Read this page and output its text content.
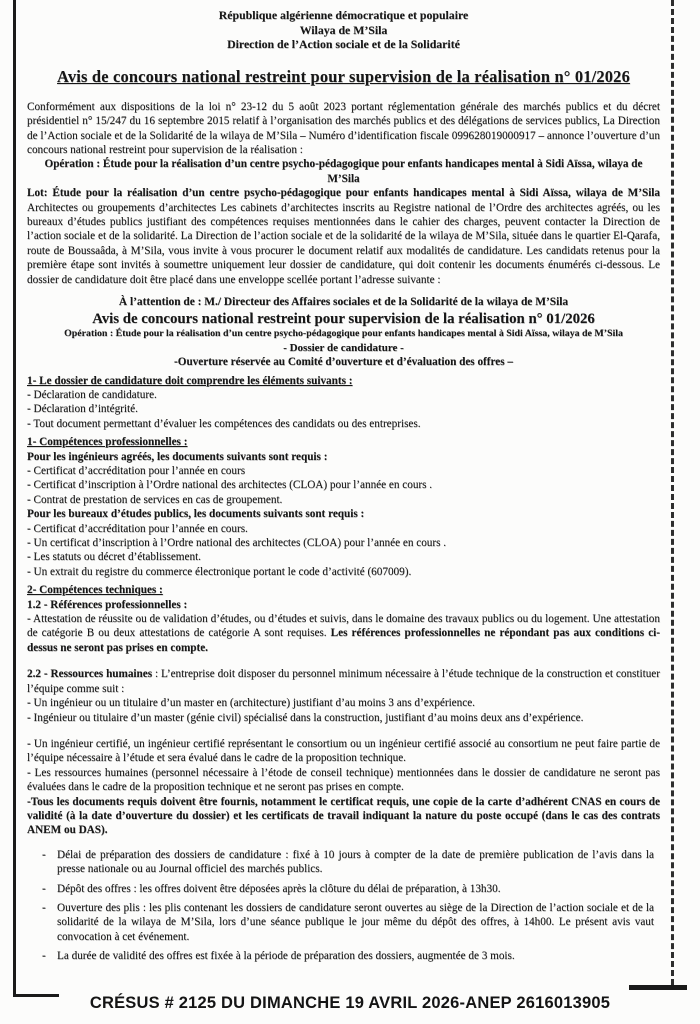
République algérienne démocratique et populaire
Wilaya de M’Sila
Direction de l’Action sociale et de la Solidarité
Avis de concours national restreint pour supervision de la réalisation n° 01/2026
Conformément aux dispositions de la loi n° 23-12 du 5 août 2023 portant réglementation générale des marchés publics et du décret présidentiel n° 15/247 du 16 septembre 2015 relatif à l’organisation des marchés publics et des délégations de services publics, La Direction de l’Action sociale et de la Solidarité de la wilaya de M’Sila – Numéro d’identification fiscale 099628019000917 – annonce l’ouverture d’un concours national restreint pour supervision de la réalisation :
Opération : Étude pour la réalisation d’un centre psycho-pédagogique pour enfants handicapes mental à Sidi Aïssa, wilaya de M’Sila
Lot: Étude pour la réalisation d’un centre psycho-pédagogique pour enfants handicapes mental à Sidi Aïssa, wilaya de M’Sila Architectes ou groupements d’architectes Les cabinets d’architectes inscrits au Registre national de l’Ordre des architectes agréés, ou les bureaux d’études publics justifiant des compétences requises mentionnées dans le cahier des charges, peuvent contacter la Direction de l’action sociale et de la solidarité. La Direction de l’action sociale et de la solidarité de la wilaya de M’Sila, située dans le quartier El-Qarafa, route de Boussaâda, à M’Sila, vous invite à vous procurer le document relatif aux modalités de candidature. Les candidats retenus pour la première étape sont invités à soumettre uniquement leur dossier de candidature, qui doit contenir les documents énumérés ci-dessous. Le dossier de candidature doit être placé dans une enveloppe scellée portant l’adresse suivante :
À l’attention de : M./ Directeur des Affaires sociales et de la Solidarité de la wilaya de M’Sila
Avis de concours national restreint pour supervision de la réalisation n° 01/2026
Opération : Étude pour la réalisation d’un centre psycho-pédagogique pour enfants handicapes mental à Sidi Aïssa, wilaya de M’Sila
- Dossier de candidature -
-Ouverture réservée au Comité d’ouverture et d’évaluation des offres –
1- Le dossier de candidature doit comprendre les éléments suivants :
- Déclaration de candidature.
- Déclaration d’intégrité.
- Tout document permettant d’évaluer les compétences des candidats ou des entreprises.
1- Compétences professionnelles :
Pour les ingénieurs agréés, les documents suivants sont requis :
- Certificat d’accréditation pour l’année en cours
- Certificat d’inscription à l’Ordre national des architectes (CLOA) pour l’année en cours .
- Contrat de prestation de services en cas de groupement.
Pour les bureaux d’études publics, les documents suivants sont requis :
- Certificat d’accréditation pour l’année en cours.
- Un certificat d’inscription à l’Ordre national des architectes (CLOA) pour l’année en cours .
- Les statuts ou décret d’établissement.
- Un extrait du registre du commerce électronique portant le code d’activité (607009).
2- Compétences techniques :
1.2 - Références professionnelles :
- Attestation de réussite ou de validation d’études, ou d’études et suivis, dans le domaine des travaux publics ou du logement. Une attestation de catégorie B ou deux attestations de catégorie A sont requises. Les références professionnelles ne répondant pas aux conditions ci-dessus ne seront pas prises en compte.
2.2 - Ressources humaines : L’entreprise doit disposer du personnel minimum nécessaire à l’étude technique de la construction et constituer l’équipe comme suit :
- Un ingénieur ou un titulaire d’un master en (architecture) justifiant d’au moins 3 ans d’expérience.
- Ingénieur ou titulaire d’un master (génie civil) spécialisé dans la construction, justifiant d’au moins deux ans d’expérience.
- Un ingénieur certifié, un ingénieur certifié représentant le consortium ou un ingénieur certifié associé au consortium ne peut faire partie de l’équipe nécessaire à l’étude et sera évalué dans le cadre de la proposition technique.
- Les ressources humaines (personnel nécessaire à l’étode de conseil technique) mentionnées dans le dossier de candidature ne seront pas évaluées dans le cadre de la proposition technique et ne seront pas prises en compte.
-Tous les documents requis doivent être fournis, notamment le certificat requis, une copie de la carte d’adhérent CNAS en cours de validité (à la date d’ouverture du dossier) et les certificats de travail indiquant la nature du poste occupé (dans le cas des contrats ANEM ou DAS).
-	Délai de préparation des dossiers de candidature : fixé à 10 jours à compter de la date de première publication de l’avis dans la presse nationale ou au Journal officiel des marchés publics.
-	Dépôt des offres : les offres doivent être déposées après la clôture du délai de préparation, à 13h30.
-	Ouverture des plis : les plis contenant les dossiers de candidature seront ouvertes au siège de la Direction de l’action sociale et de la solidarité de la wilaya de M’Sila, lors d’une séance publique le jour même du dépôt des offres, à 14h00. Le présent avis vaut convocation à cet événement.
-	La durée de validité des offres est fixée à la période de préparation des dossiers, augmentée de 3 mois.
CRÉSUS # 2125 DU DIMANCHE 19 AVRIL 2026-ANEP 2616013905
